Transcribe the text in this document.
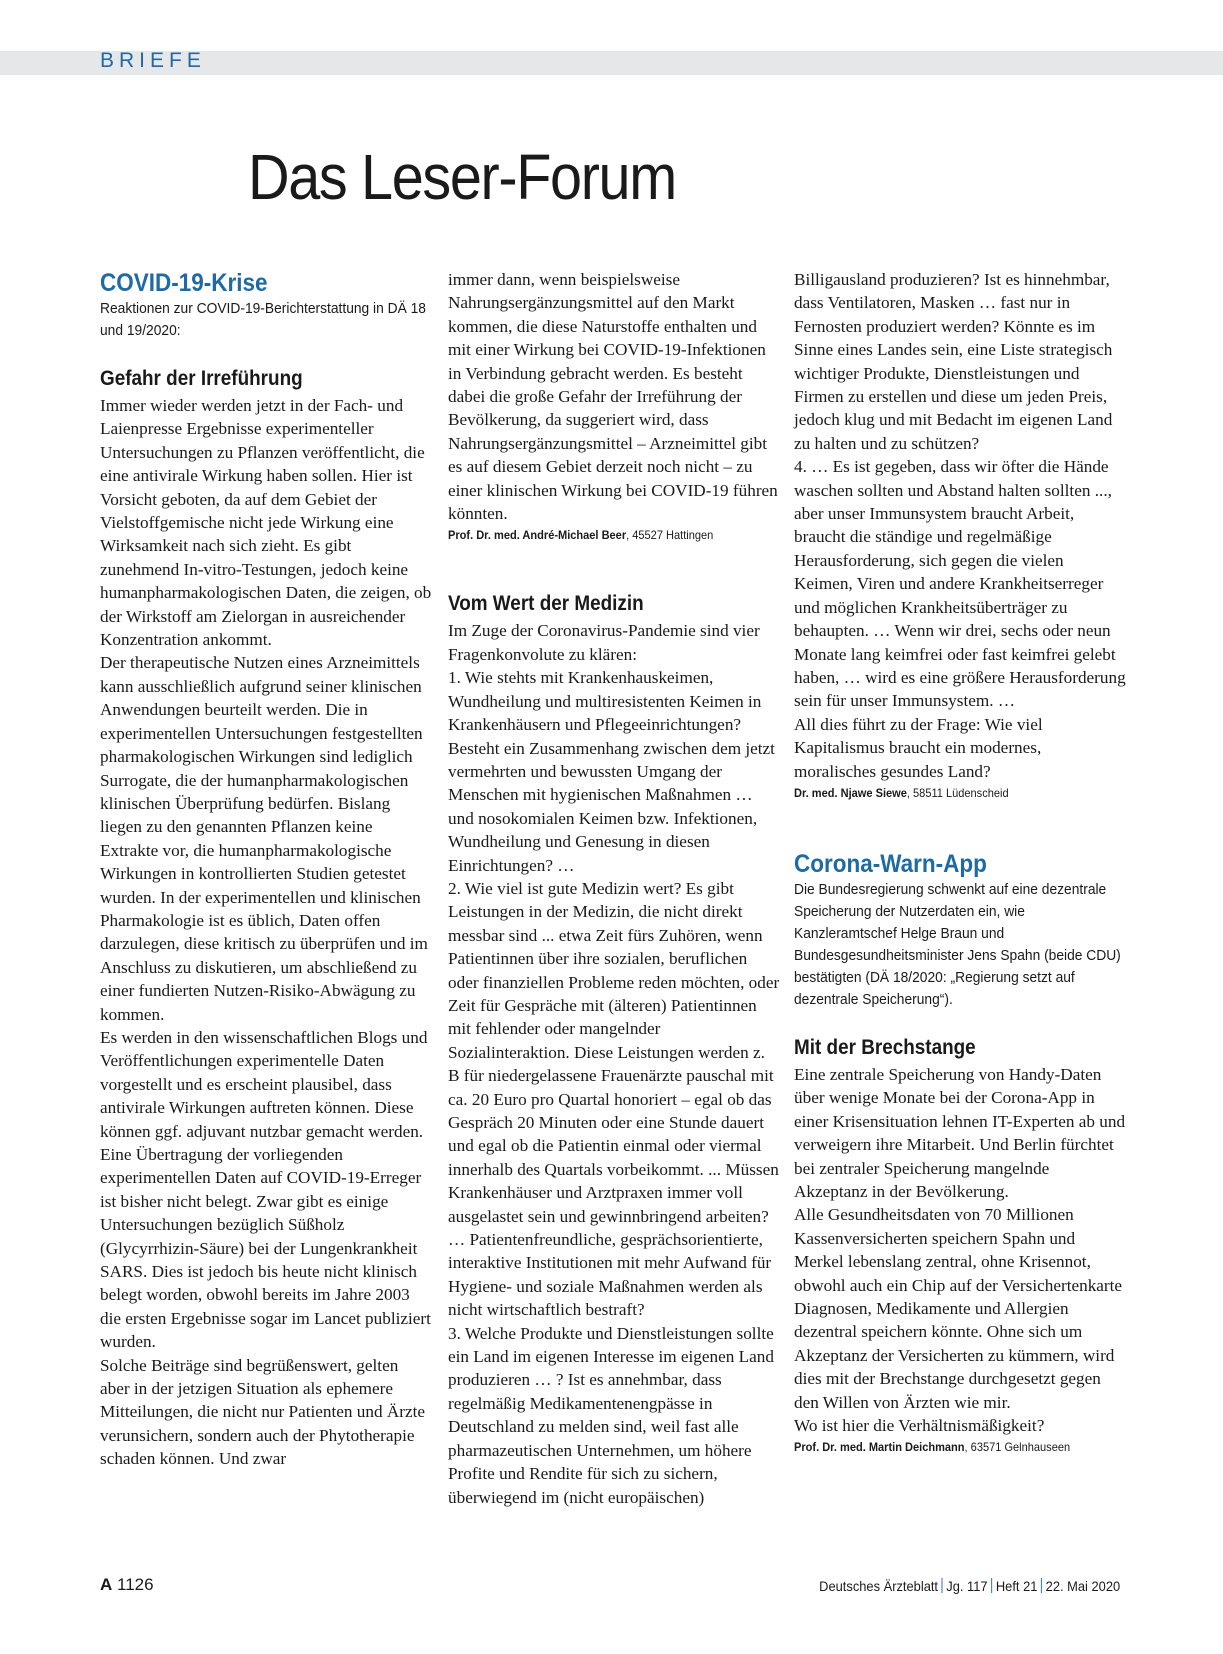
BRIEFE
Das Leser-Forum
COVID-19-Krise

Reaktionen zur COVID-19-Berichterstattung in DÄ 18 und 19/2020:

Gefahr der Irreführung

Immer wieder werden jetzt in der Fach- und Laienpresse Ergebnisse experimenteller Untersuchungen zu Pflanzen veröffentlicht, die eine antivirale Wirkung haben sollen. Hier ist Vorsicht geboten, da auf dem Gebiet der Vielstoffgemische nicht jede Wirkung eine Wirksamkeit nach sich zieht. Es gibt zunehmend In-vitro-Testungen, jedoch keine humanpharmakologischen Daten, die zeigen, ob der Wirkstoff am Zielorgan in ausreichender Konzentration ankommt.

Der therapeutische Nutzen eines Arzneimittels kann ausschließlich aufgrund seiner klinischen Anwendungen beurteilt werden. Die in experimentellen Untersuchungen festgestellten pharmakologischen Wirkungen sind lediglich Surrogate, die der humanpharmakologischen klinischen Überprüfung bedürfen. Bislang liegen zu den genannten Pflanzen keine Extrakte vor, die humanpharmakologische Wirkungen in kontrollierten Studien getestet wurden. In der experimentellen und klinischen Pharmakologie ist es üblich, Daten offen darzulegen, diese kritisch zu überprüfen und im Anschluss zu diskutieren, um abschließend zu einer fundierten Nutzen-Risiko-Abwägung zu kommen.

Es werden in den wissenschaftlichen Blogs und Veröffentlichungen experimentelle Daten vorgestellt und es erscheint plausibel, dass antivirale Wirkungen auftreten können. Diese können ggf. adjuvant nutzbar gemacht werden. Eine Übertragung der vorliegenden experimentellen Daten auf COVID-19-Erreger ist bisher nicht belegt. Zwar gibt es einige Untersuchungen bezüglich Süßholz (Glycyrrhizin-Säure) bei der Lungenkrankheit SARS. Dies ist jedoch bis heute nicht klinisch belegt worden, obwohl bereits im Jahre 2003 die ersten Ergebnisse sogar im Lancet publiziert wurden.

Solche Beiträge sind begrüßenswert, gelten aber in der jetzigen Situation als ephemere Mitteilungen, die nicht nur Patienten und Ärzte verunsichern, sondern auch der Phytotherapie schaden können. Und zwar

immer dann, wenn beispielsweise Nahrungsergänzungsmittel auf den Markt kommen, die diese Naturstoffe enthalten und mit einer Wirkung bei COVID-19-Infektionen in Verbindung gebracht werden. Es besteht dabei die große Gefahr der Irreführung der Bevölkerung, da suggeriert wird, dass Nahrungsergänzungsmittel – Arzneimittel gibt es auf diesem Gebiet derzeit noch nicht – zu einer klinischen Wirkung bei COVID-19 führen könnten.

Prof. Dr. med. André-Michael Beer, 45527 Hattingen
Vom Wert der Medizin

Im Zuge der Coronavirus-Pandemie sind vier Fragenkonvolute zu klären:

1. Wie stehts mit Krankenhauskeimen, Wundheilung und multiresistenten Keimen in Krankenhäusern und Pflegeeinrichtungen? Besteht ein Zusammenhang zwischen dem jetzt vermehrten und bewussten Umgang der Menschen mit hygienischen Maßnahmen … und nosokomialen Keimen bzw. Infektionen, Wundheilung und Genesung in diesen Einrichtungen? …

2. Wie viel ist gute Medizin wert? Es gibt Leistungen in der Medizin, die nicht direkt messbar sind ... etwa Zeit fürs Zuhören, wenn Patientinnen über ihre sozialen, beruflichen oder finanziellen Probleme reden möchten, oder Zeit für Gespräche mit (älteren) Patientinnen mit fehlender oder mangelnder Sozialinteraktion. Diese Leistungen werden z. B für niedergelassene Frauenärzte pauschal mit ca. 20 Euro pro Quartal honoriert – egal ob das Gespräch 20 Minuten oder eine Stunde dauert und egal ob die Patientin einmal oder viermal innerhalb des Quartals vorbeikommt. ... Müssen Krankenhäuser und Arztpraxen immer voll ausgelastet sein und gewinnbringend arbeiten? … Patientenfreundliche, gesprächsorientierte, interaktive Institutionen mit mehr Aufwand für Hygiene- und soziale Maßnahmen werden als nicht wirtschaftlich bestraft?

3. Welche Produkte und Dienstleistungen sollte ein Land im eigenen Interesse im eigenen Land produzieren … ? Ist es annehmbar, dass regelmäßig Medikamentenengpässe in Deutschland zu melden sind, weil fast alle pharmazeutischen Unternehmen, um höhere Profite und Rendite für sich zu sichern, überwiegend im (nicht europäischen)

Billigausland produzieren? Ist es hinnehmbar, dass Ventilatoren, Masken … fast nur in Fernosten produziert werden? Könnte es im Sinne eines Landes sein, eine Liste strategisch wichtiger Produkte, Dienstleistungen und Firmen zu erstellen und diese um jeden Preis, jedoch klug und mit Bedacht im eigenen Land zu halten und zu schützen?

4. … Es ist gegeben, dass wir öfter die Hände waschen sollten und Abstand halten sollten ..., aber unser Immunsystem braucht Arbeit, braucht die ständige und regelmäßige Herausforderung, sich gegen die vielen Keimen, Viren und andere Krankheitserreger und möglichen Krankheitsüberträger zu behaupten. … Wenn wir drei, sechs oder neun Monate lang keimfrei oder fast keimfrei gelebt haben, … wird es eine größere Herausforderung sein für unser Immunsystem. …

All dies führt zu der Frage: Wie viel Kapitalismus braucht ein modernes, moralisches gesundes Land?

Dr. med. Njawe Siewe, 58511 Lüdenscheid
Corona-Warn-App

Die Bundesregierung schwenkt auf eine dezentrale Speicherung der Nutzerdaten ein, wie Kanzleramtschef Helge Braun und Bundesgesundheitsminister Jens Spahn (beide CDU) bestätigten (DÄ 18/2020: „Regierung setzt auf dezentrale Speicherung“).

Mit der Brechstange

Eine zentrale Speicherung von Handy-Daten über wenige Monate bei der Corona-App in einer Krisensituation lehnen IT-Experten ab und verweigern ihre Mitarbeit. Und Berlin fürchtet bei zentraler Speicherung mangelnde Akzeptanz in der Bevölkerung.

Alle Gesundheitsdaten von 70 Millionen Kassenversicherten speichern Spahn und Merkel lebenslang zentral, ohne Krisennot, obwohl auch ein Chip auf der Versichertenkarte Diagnosen, Medikamente und Allergien dezentral speichern könnte. Ohne sich um Akzeptanz der Versicherten zu kümmern, wird dies mit der Brechstange durchgesetzt gegen den Willen von Ärzten wie mir.

Wo ist hier die Verhältnismäßigkeit?

Prof. Dr. med. Martin Deichmann, 63571 Gelnhauseen
A 1126	Deutsches Ärzteblatt Jg. 117 Heft 21 22. Mai 2020
